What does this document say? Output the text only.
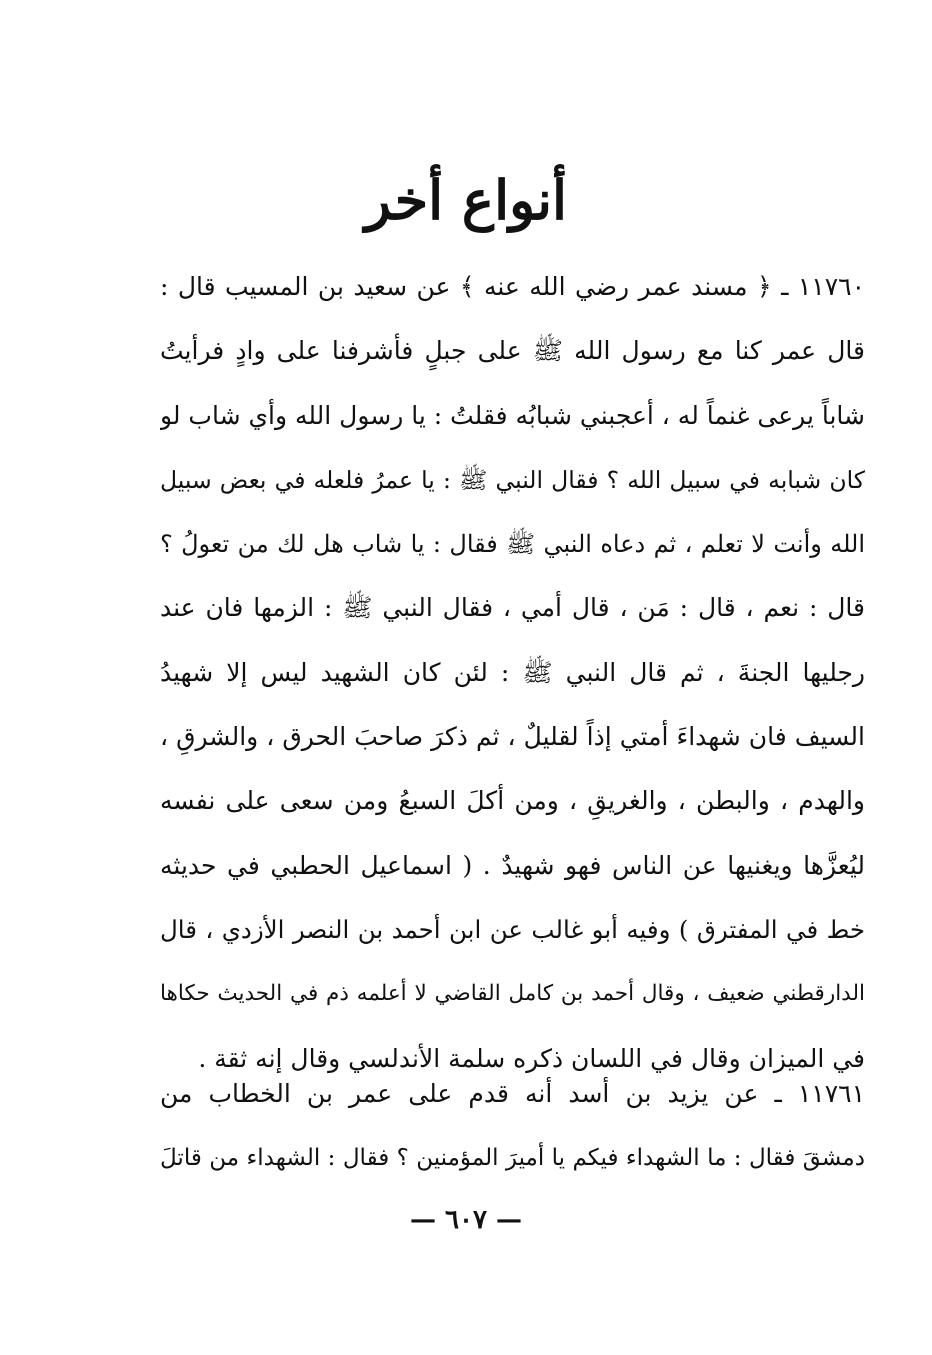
أنواع أخر
١١٧٦٠ ـ ﴿ مسند عمر رضي الله عنه ﴾ عن سعيد بن المسيب قال :
قال عمر كنا مع رسول الله ﷺ على جبلٍ فأشرفنا على وادٍ فرأيتُ
شاباً يرعى غنماً له ، أعجبني شبابُه فقلتُ : يا رسول الله وأي شاب لو
كان شبابه في سبيل الله ؟ فقال النبي ﷺ : يا عمرُ فلعله في بعض سبيل
الله وأنت لا تعلم ، ثم دعاه النبي ﷺ فقال : يا شاب هل لك من تعولُ ؟
قال : نعم ، قال : مَن ، قال أمي ، فقال النبي ﷺ : الزمها فان عند
رجليها الجنةَ ، ثم قال النبي ﷺ : لئن كان الشهيد ليس إلا شهيدُ
السيف فان شهداءَ أمتي إذاً لقليلٌ ، ثم ذكرَ صاحبَ الحرق ، والشرقِ ،
والهدم ، والبطن ، والغريقِ ، ومن أكلَ السبعُ ومن سعى على نفسه
ليُعزَّها ويغنيها عن الناس فهو شهيدٌ . ( اسماعيل الحطبي في حديثه
خط في المفترق ) وفيه أبو غالب عن ابن أحمد بن النصر الأزدي ، قال
الدارقطني ضعيف ، وقال أحمد بن كامل القاضي لا أعلمه ذم في الحديث حكاها
في الميزان وقال في اللسان ذكره سلمة الأندلسي وقال إنه ثقة .
١١٧٦١ ـ عن يزيد بن أسد أنه قدم على عمر بن الخطاب من
دمشقَ فقال : ما الشهداء فيكم يا أميرَ المؤمنين ؟ فقال : الشهداء من قاتلَ
— ٦٠٧ —
